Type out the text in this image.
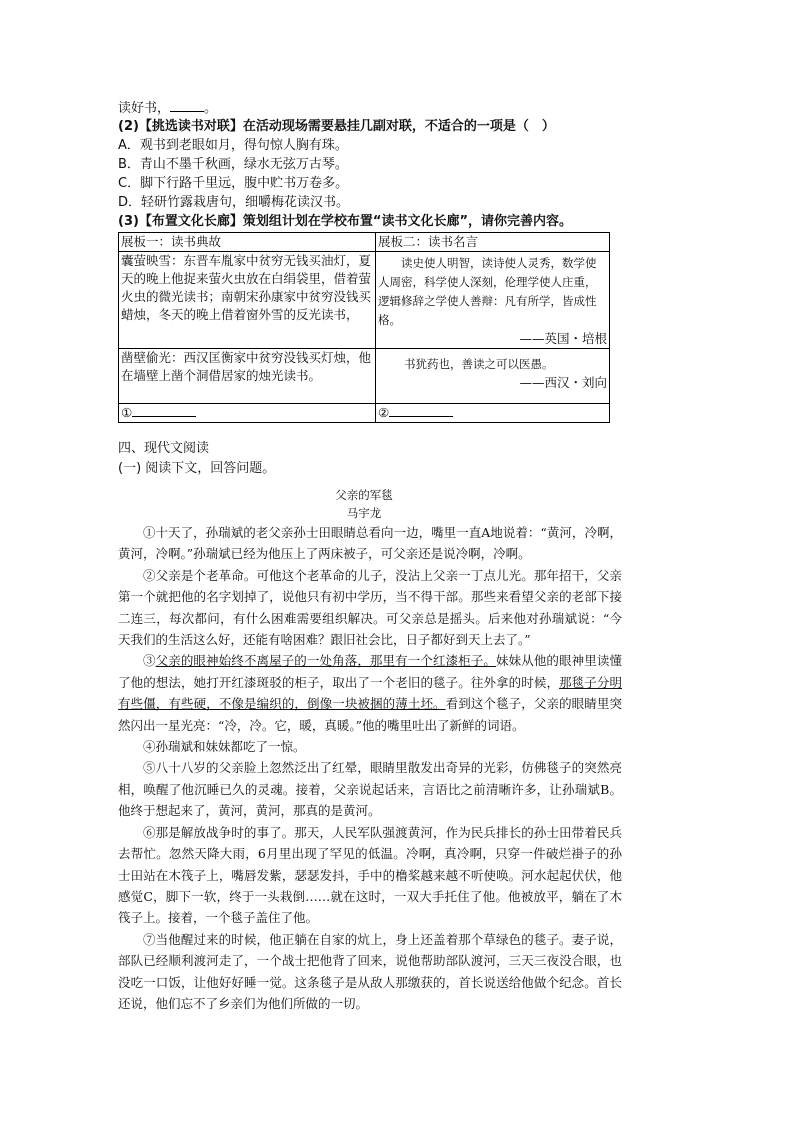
读好书，	。
(2)【挑选读书对联】在活动现场需要悬挂几副对联，不适合的一项是（　）
A．观书到老眼如月，得句惊人胸有珠。
B．青山不墨千秋画，绿水无弦万古琴。
C．脚下行路千里远，腹中贮书万卷多。
D．轻研竹露栽唐句，细嚼梅花读汉书。
(3)【布置文化长廊】策划组计划在学校布置“读书文化长廊”，请你完善内容。
展板一：读书典故	展板二：读书名言
囊萤映雪：东晋车胤家中贫穷无钱买油灯，夏天的晚上他捉来萤火虫放在白绢袋里，借着萤火虫的微光读书；南朝宋孙康家中贫穷没钱买蜡烛，冬天的晚上借着窗外雪的反光读书，	读史使人明智，读诗使人灵秀，数学使人周密，科学使人深刻，伦理学使人庄重，逻辑修辞之学使人善辩：凡有所学，皆成性格。
——英国・培根

凿壁偷光：西汉匡衡家中贫穷没钱买灯烛，他在墙壁上凿个洞借居家的烛光读书。	书犹药也，善读之可以医愚。
——西汉・刘向

①	②
四、现代文阅读
(一) 阅读下文，回答问题。
父亲的军毯
马宇龙

①十天了，孙瑞斌的老父亲孙士田眼睛总看向一边，嘴里一直A地说着：“黄河，冷啊，黄河，冷啊。”孙瑞斌已经为他压上了两床被子，可父亲还是说冷啊，冷啊。

②父亲是个老革命。可他这个老革命的儿子，没沾上父亲一丁点儿光。那年招干，父亲第一个就把他的名字划掉了，说他只有初中学历，当不得干部。那些来看望父亲的老部下接二连三，每次都问，有什么困难需要组织解决。可父亲总是摇头。后来他对孙瑞斌说：“今天我们的生活这么好，还能有啥困难？跟旧社会比，日子都好到天上去了。”

③父亲的眼神始终不离屋子的一处角落，那里有一个红漆柜子。妹妹从他的眼神里读懂了他的想法，她打开红漆斑驳的柜子，取出了一个老旧的毯子。往外拿的时候，那毯子分明有些僵，有些硬，不像是编织的，倒像一块被捆的薄土坯。看到这个毯子，父亲的眼睛里突然闪出一星光亮：“冷，冷。它，暖，真暖。”他的嘴里吐出了新鲜的词语。

④孙瑞斌和妹妹都吃了一惊。

⑤八十八岁的父亲脸上忽然泛出了红晕，眼睛里散发出奇异的光彩，仿佛毯子的突然亮相，唤醒了他沉睡已久的灵魂。接着，父亲说起话来，言语比之前清晰许多，让孙瑞斌B。他终于想起来了，黄河，黄河，那真的是黄河。

⑥那是解放战争时的事了。那天，人民军队强渡黄河，作为民兵排长的孙士田带着民兵去帮忙。忽然天降大雨，6月里出现了罕见的低温。冷啊，真冷啊，只穿一件破烂褂子的孙士田站在木筏子上，嘴唇发紫，瑟瑟发抖，手中的橹桨越来越不听使唤。河水起起伏伏，他感觉C，脚下一软，终于一头栽倒……就在这时，一双大手托住了他。他被放平，躺在了木筏子上。接着，一个毯子盖住了他。

⑦当他醒过来的时候，他正躺在自家的炕上，身上还盖着那个草绿色的毯子。妻子说，部队已经顺利渡河走了，一个战士把他背了回来，说他帮助部队渡河，三天三夜没合眼，也没吃一口饭，让他好好睡一觉。这条毯子是从敌人那缴获的，首长说送给他做个纪念。首长还说，他们忘不了乡亲们为他们所做的一切。
